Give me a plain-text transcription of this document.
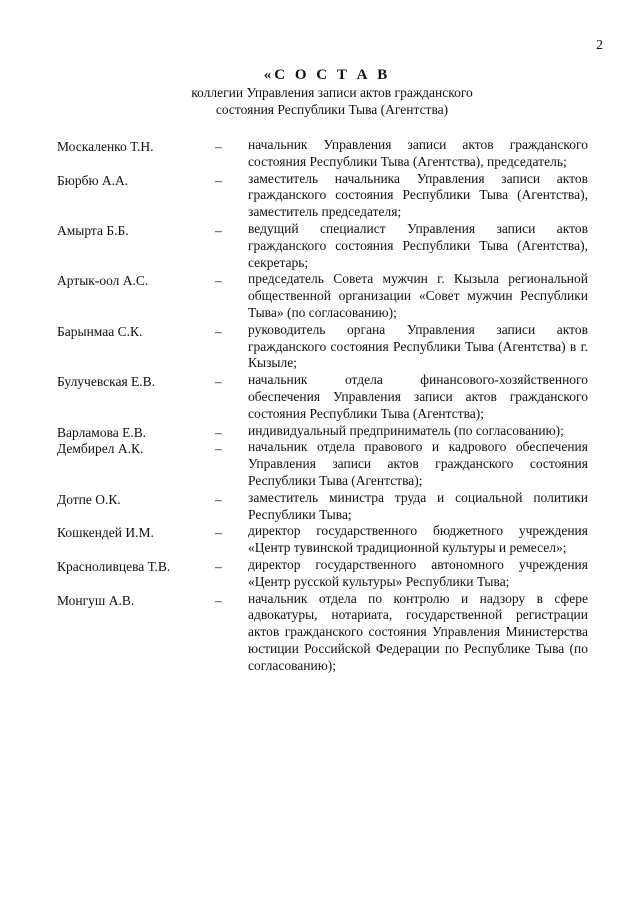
2
«С О С Т А В
коллегии Управления записи актов гражданского
состояния Республики Тыва (Агентства)
Москаленко Т.Н.	– начальник Управления записи актов гражданского состояния Республики Тыва (Агентства), председатель;
Бюрбю А.А.	– заместитель начальника Управления записи актов гражданского состояния Республики Тыва (Агентства), заместитель председателя;
Амырта Б.Б.	– ведущий специалист Управления записи актов гражданского состояния Республики Тыва (Агентства), секретарь;
Артык-оол А.С.	– председатель Совета мужчин г. Кызыла региональной общественной организации «Совет мужчин Республики Тыва» (по согласованию);
Барынмаа С.К.	– руководитель органа Управления записи актов гражданского состояния Республики Тыва (Агентства) в г. Кызыле;
Булучевская Е.В.	– начальник отдела финансового-хозяйственного обеспечения Управления записи актов гражданского состояния Республики Тыва (Агентства);
Варламова Е.В.	– индивидуальный предприниматель (по согласованию);
Дембирел А.К.	– начальник отдела правового и кадрового обеспечения Управления записи актов гражданского состояния Республики Тыва (Агентства);
Дотпе О.К.	– заместитель министра труда и социальной политики Республики Тыва;
Кошкендей И.М.	– директор государственного бюджетного учреждения «Центр тувинской традиционной культуры и ремесел»;
Красноливцева Т.В.	– директор государственного автономного учреждения «Центр русской культуры» Республики Тыва;
Монгуш А.В.	– начальник отдела по контролю и надзору в сфере адвокатуры, нотариата, государственной регистрации актов гражданского состояния Управления Министерства юстиции Российской Федерации по Республике Тыва (по согласованию);
